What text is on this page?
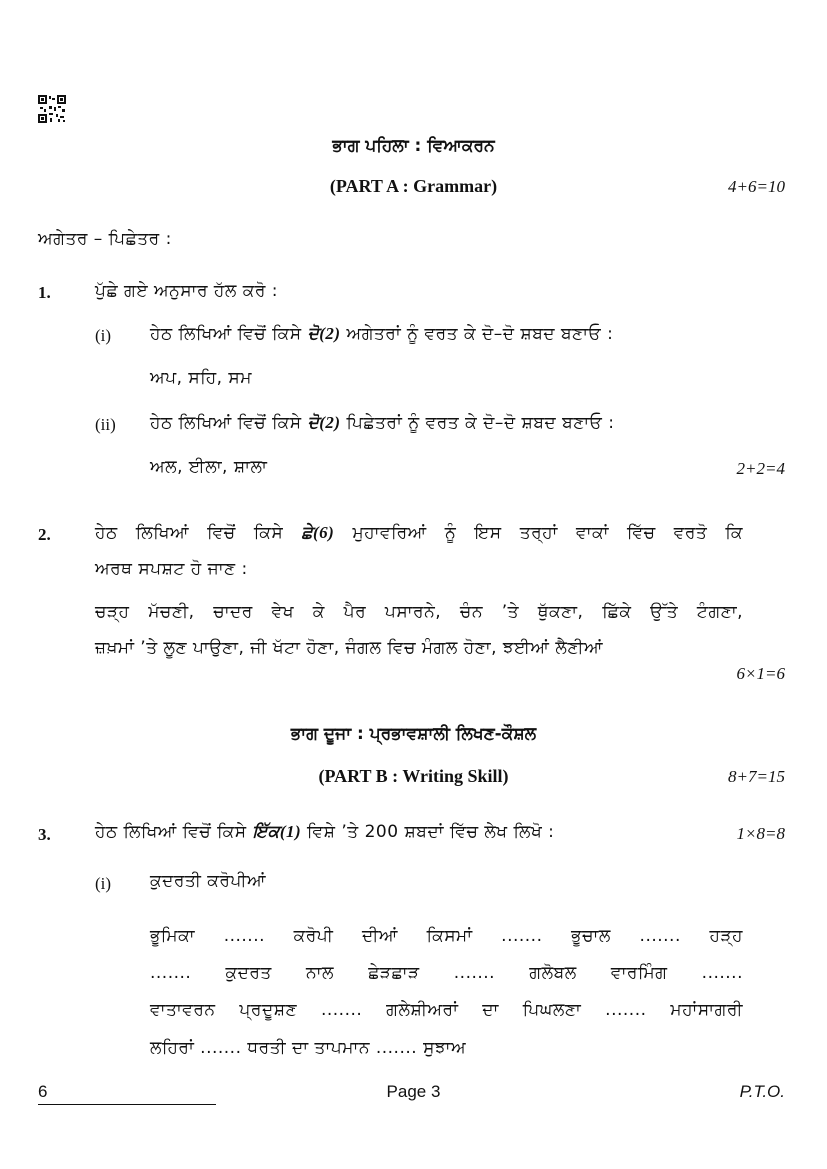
ਭਾਗ ਪਹਿਲਾ : ਵਿਆਕਰਨ
(PART A : Grammar)	4+6=10
ਅਗੇਤਰ – ਪਿਛੇਤਰ :
1.	ਪੁੱਛੇ ਗਏ ਅਨੁਸਾਰ ਹੱਲ ਕਰੋ :
(i) ਹੇਠ ਲਿਖਿਆਂ ਵਿਚੋਂ ਕਿਸੇ ਦੋ(2) ਅਗੇਤਰਾਂ ਨੂੰ ਵਰਤ ਕੇ ਦੋ–ਦੋ ਸ਼ਬਦ ਬਣਾਓ :
ਅਪ, ਸਹਿ, ਸਮ
(ii) ਹੇਠ ਲਿਖਿਆਂ ਵਿਚੋਂ ਕਿਸੇ ਦੋ(2) ਪਿਛੇਤਰਾਂ ਨੂੰ ਵਰਤ ਕੇ ਦੋ–ਦੋ ਸ਼ਬਦ ਬਣਾਓ :
ਅਲ, ਈਲਾ, ਸ਼ਾਲਾ	2+2=4
2.	ਹੇਠ ਲਿਖਿਆਂ ਵਿਚੋਂ ਕਿਸੇ ਛੇ(6) ਮੁਹਾਵਰਿਆਂ ਨੂੰ ਇਸ ਤਰ੍ਹਾਂ ਵਾਕਾਂ ਵਿੱਚ ਵਰਤੋ ਕਿ
ਅਰਥ ਸਪਸ਼ਟ ਹੋ ਜਾਣ :
ਚੜ੍ਹ ਮੱਚਣੀ, ਚਾਦਰ ਵੇਖ ਕੇ ਪੈਰ ਪਸਾਰਨੇ, ਚੰਨ ’ਤੇ ਥੁੱਕਣਾ, ਛਿੱਕੇ ਉੱਤੇ ਟੰਗਣਾ,
ਜ਼ਖ਼ਮਾਂ ’ਤੇ ਲੂਣ ਪਾਉਣਾ, ਜੀ ਖੱਟਾ ਹੋਣਾ, ਜੰਗਲ ਵਿਚ ਮੰਗਲ ਹੋਣਾ, ਝਈਆਂ ਲੈਣੀਆਂ
6×1=6
ਭਾਗ ਦੂਜਾ : ਪ੍ਰਭਾਵਸ਼ਾਲੀ ਲਿਖਣ-ਕੌਸ਼ਲ
(PART B : Writing Skill)	8+7=15
3.	ਹੇਠ ਲਿਖਿਆਂ ਵਿਚੋਂ ਕਿਸੇ ਇੱਕ(1) ਵਿਸ਼ੇ ’ਤੇ 200 ਸ਼ਬਦਾਂ ਵਿੱਚ ਲੇਖ ਲਿਖੋ :	1×8=8
(i) ਕੁਦਰਤੀ ਕਰੋਪੀਆਂ
ਭੂਮਿਕਾ ....... ਕਰੋਪੀ ਦੀਆਂ ਕਿਸਮਾਂ ....... ਭੂਚਾਲ ....... ਹੜ੍ਹ
....... ਕੁਦਰਤ ਨਾਲ ਛੇੜਛਾੜ ....... ਗਲੋਬਲ ਵਾਰਮਿੰਗ .......
ਵਾਤਾਵਰਨ ਪ੍ਰਦੂਸ਼ਣ ....... ਗਲੇਸ਼ੀਅਰਾਂ ਦਾ ਪਿਘਲਣਾ ....... ਮਹਾਂਸਾਗਰੀ
ਲਹਿਰਾਂ ....... ਧਰਤੀ ਦਾ ਤਾਪਮਾਨ ....... ਸੁਝਾਅ
6	Page 3	P.T.O.
